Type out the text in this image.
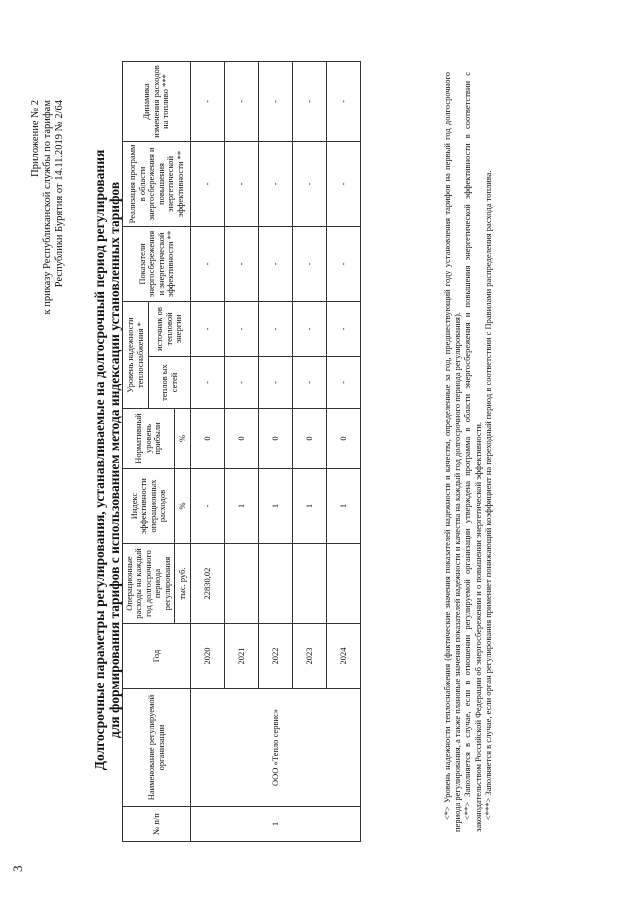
3
Приложение № 2 к приказу Республиканской службы по тарифам Республики Бурятия от 14.11.2019 № 2/64 Долгосрочные параметры регулирования, устанавливаемые на долгосрочный период регулирования для формирования тарифов с использованием метода индексации установленных тарифов
№ п/п	Наименование регулируемой организации	Год	Операционные расходы на каждый год долгосрочного периода регулирования	Индекс эффективности операционных расходов	Нормативный уровень прибыли	Уровень надежности теплоснабжения *		Показатели энергосбережения и энергетической эффективности **	Реализация программ в области энергосбережения и повышения энергетической эффективности **	Динамика изменения расходов на топливо ***
						теплов ых сетей	источник ов тепловой энергии			
			тыс. руб.	%	%					
1	ООО «Тепло сервис»	2020	22830,02	-	0	-	-	-	-	-
		2021		1	0	-	-	-	-	-
		2022		1	0	-	-	-	-	-
		2023		1	0	-	-	-	-	-
		2024		1	0	-	-	-	-	-	<*> Уровень надежности теплоснабжения (фактические значения показателей надежности и качества, определенные за год, предшествующий году установления тарифов на первый год долгосрочного периода регулирования, а также плановые значения показателей надежности и качества на каждый год долгосрочного периода регулирования). <**> Заполняется в случае, если в отношении регулируемой организации утверждена программа в области энергосбережения и повышения энергетической эффективности в соответствии с законодательством Российской Федерации об энергосбережении и о повышении энергетической эффективности. <***> Заполняется в случае, если орган регулирования применяет понижающий коэффициент на переходный период в соответствии с Правилами распределения расхода топлива.
